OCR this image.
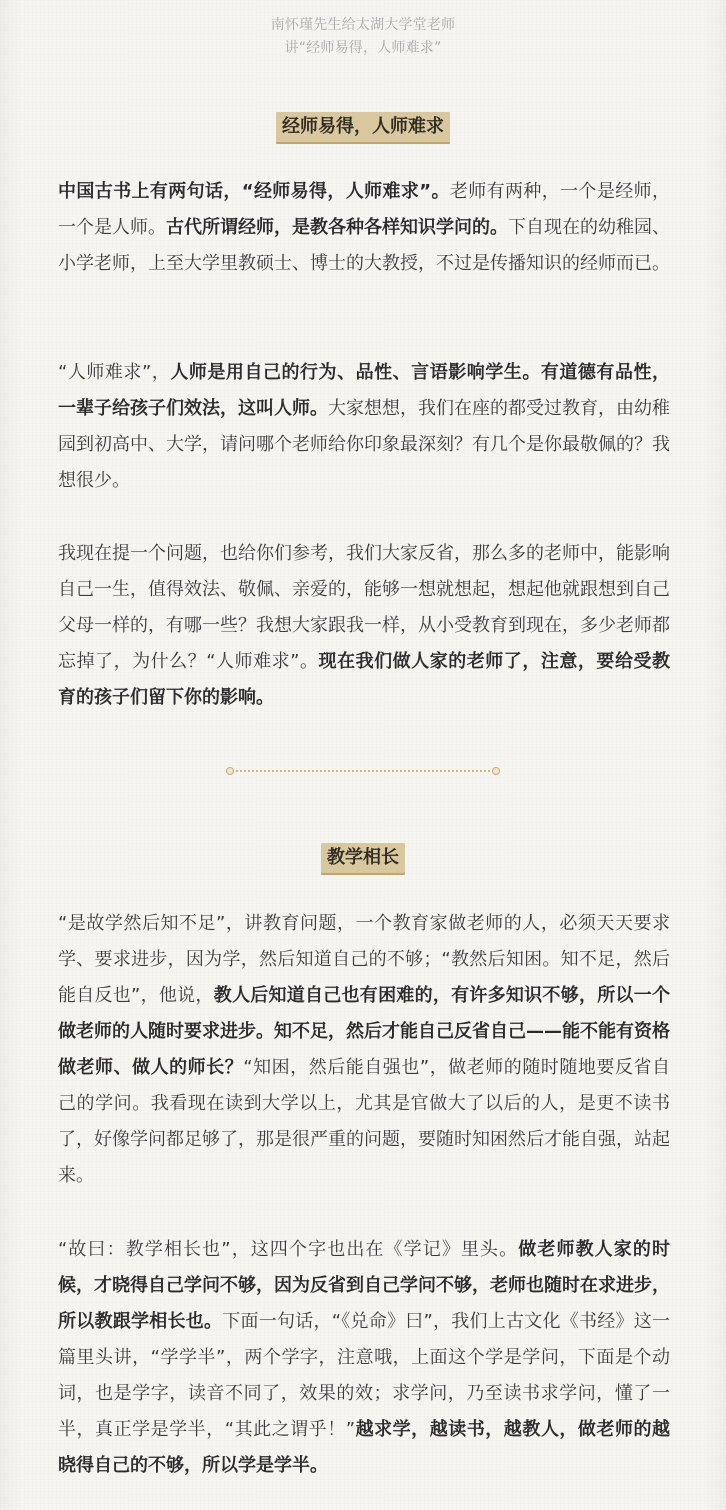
南怀瑾先生给太湖大学堂老师
讲“经师易得，人师难求”
经师易得，人师难求
中国古书上有两句话，“经师易得，人师难求”。老师有两种，一个是经师，一个是人师。古代所谓经师，是教各种各样知识学问的。下自现在的幼稚园、小学老师，上至大学里教硕士、博士的大教授，不过是传播知识的经师而已。
“人师难求”，人师是用自己的行为、品性、言语影响学生。有道德有品性，一辈子给孩子们效法，这叫人师。大家想想，我们在座的都受过教育，由幼稚园到初高中、大学，请问哪个老师给你印象最深刻？有几个是你最敬佩的？我想很少。
我现在提一个问题，也给你们参考，我们大家反省，那么多的老师中，能影响自己一生，值得效法、敬佩、亲爱的，能够一想就想起，想起他就跟想到自己父母一样的，有哪一些？我想大家跟我一样，从小受教育到现在，多少老师都忘掉了，为什么？“人师难求”。现在我们做人家的老师了，注意，要给受教育的孩子们留下你的影响。
教学相长
“是故学然后知不足”，讲教育问题，一个教育家做老师的人，必须天天要求学、要求进步，因为学，然后知道自己的不够；“教然后知困。知不足，然后能自反也”，他说，教人后知道自己也有困难的，有许多知识不够，所以一个做老师的人随时要求进步。知不足，然后才能自己反省自己——能不能有资格做老师、做人的师长？“知困，然后能自强也”，做老师的随时随地要反省自己的学问。我看现在读到大学以上，尤其是官做大了以后的人，是更不读书了，好像学问都足够了，那是很严重的问题，要随时知困然后才能自强，站起来。
“故曰：教学相长也”，这四个字也出在《学记》里头。做老师教人家的时候，才晓得自己学问不够，因为反省到自己学问不够，老师也随时在求进步，所以教跟学相长也。下面一句话，“《兑命》曰”，我们上古文化《书经》这一篇里头讲，“学学半”，两个学字，注意哦，上面这个学是学问，下面是个动词，也是学字，读音不同了，效果的效；求学问，乃至读书求学问，懂了一半，真正学是学半，“其此之谓乎！”越求学，越读书，越教人，做老师的越晓得自己的不够，所以学是学半。
